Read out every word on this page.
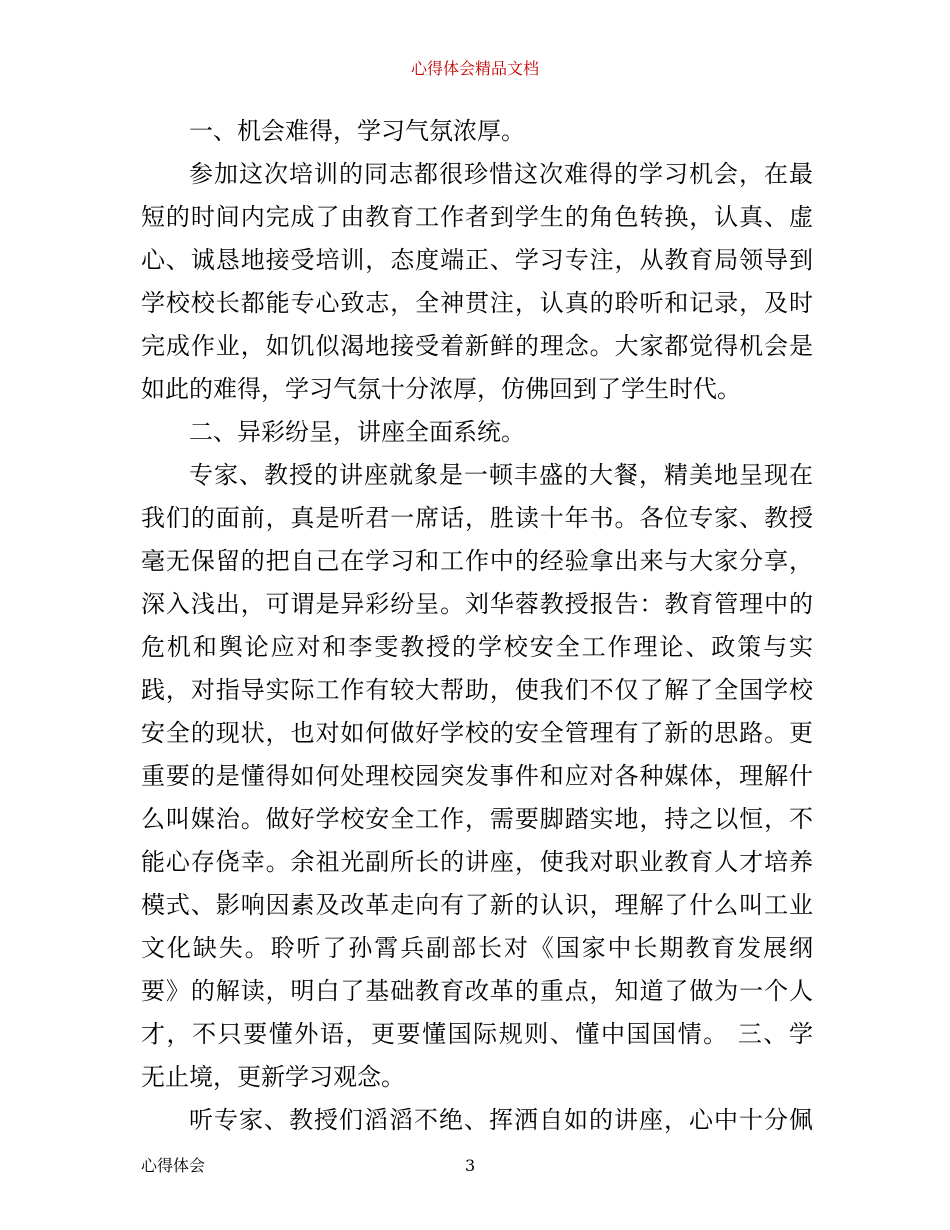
心得体会精品文档
一、机会难得，学习气氛浓厚。
参加这次培训的同志都很珍惜这次难得的学习机会，在最
短的时间内完成了由教育工作者到学生的角色转换，认真、虚
心、诚恳地接受培训，态度端正、学习专注，从教育局领导到
学校校长都能专心致志，全神贯注，认真的聆听和记录，及时
完成作业，如饥似渴地接受着新鲜的理念。大家都觉得机会是
如此的难得，学习气氛十分浓厚，仿佛回到了学生时代。
二、异彩纷呈，讲座全面系统。
专家、教授的讲座就象是一顿丰盛的大餐，精美地呈现在
我们的面前，真是听君一席话，胜读十年书。各位专家、教授
毫无保留的把自己在学习和工作中的经验拿出来与大家分享，
深入浅出，可谓是异彩纷呈。刘华蓉教授报告：教育管理中的
危机和舆论应对和李雯教授的学校安全工作理论、政策与实
践，对指导实际工作有较大帮助，使我们不仅了解了全国学校
安全的现状，也对如何做好学校的安全管理有了新的思路。更
重要的是懂得如何处理校园突发事件和应对各种媒体，理解什
么叫媒治。做好学校安全工作，需要脚踏实地，持之以恒，不
能心存侥幸。余祖光副所长的讲座，使我对职业教育人才培养
模式、影响因素及改革走向有了新的认识，理解了什么叫工业
文化缺失。聆听了孙霄兵副部长对《国家中长期教育发展纲
要》的解读，明白了基础教育改革的重点，知道了做为一个人
才，不只要懂外语，更要懂国际规则、懂中国国情。 三、学
无止境，更新学习观念。
听专家、教授们滔滔不绝、挥洒自如的讲座，心中十分佩
心得体会	3
